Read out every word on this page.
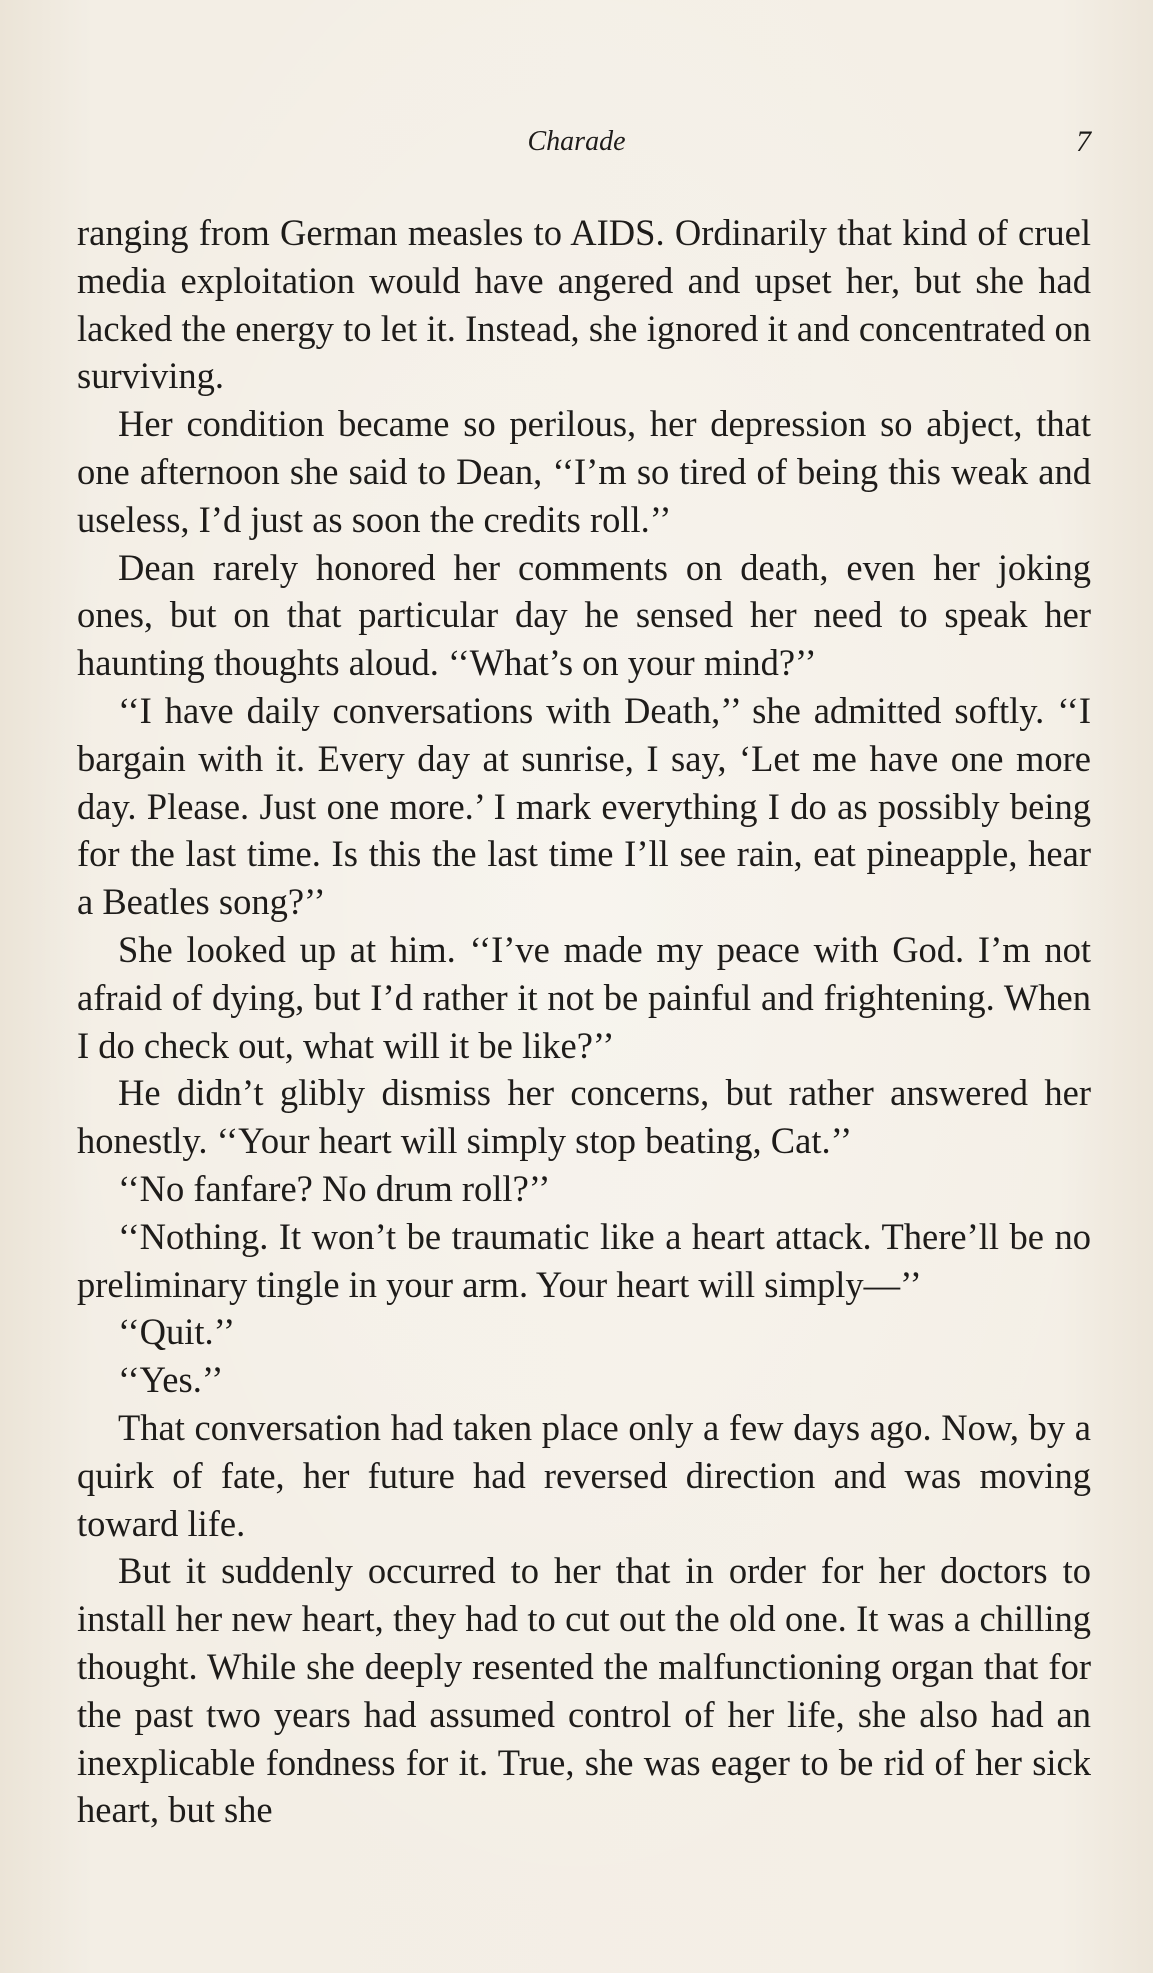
Charade	7

ranging from German measles to AIDS. Ordinarily that kind of cruel media exploitation would have angered and upset her, but she had lacked the energy to let it. Instead, she ignored it and concentrated on surviving.

Her condition became so perilous, her depression so abject, that one afternoon she said to Dean, ‘‘I’m so tired of being this weak and useless, I’d just as soon the credits roll.’’

Dean rarely honored her comments on death, even her joking ones, but on that particular day he sensed her need to speak her haunting thoughts aloud. ‘‘What’s on your mind?’’

‘‘I have daily conversations with Death,’’ she admitted softly. ‘‘I bargain with it. Every day at sunrise, I say, ‘Let me have one more day. Please. Just one more.’ I mark everything I do as possibly being for the last time. Is this the last time I’ll see rain, eat pineapple, hear a Beatles song?’’

She looked up at him. ‘‘I’ve made my peace with God. I’m not afraid of dying, but I’d rather it not be painful and frightening. When I do check out, what will it be like?’’

He didn’t glibly dismiss her concerns, but rather answered her honestly. ‘‘Your heart will simply stop beating, Cat.’’

‘‘No fanfare? No drum roll?’’

‘‘Nothing. It won’t be traumatic like a heart attack. There’ll be no preliminary tingle in your arm. Your heart will simply—’’

‘‘Quit.’’

‘‘Yes.’’

That conversation had taken place only a few days ago. Now, by a quirk of fate, her future had reversed direction and was moving toward life.

But it suddenly occurred to her that in order for her doctors to install her new heart, they had to cut out the old one. It was a chilling thought. While she deeply resented the malfunctioning organ that for the past two years had assumed control of her life, she also had an inexplicable fondness for it. True, she was eager to be rid of her sick heart, but she
